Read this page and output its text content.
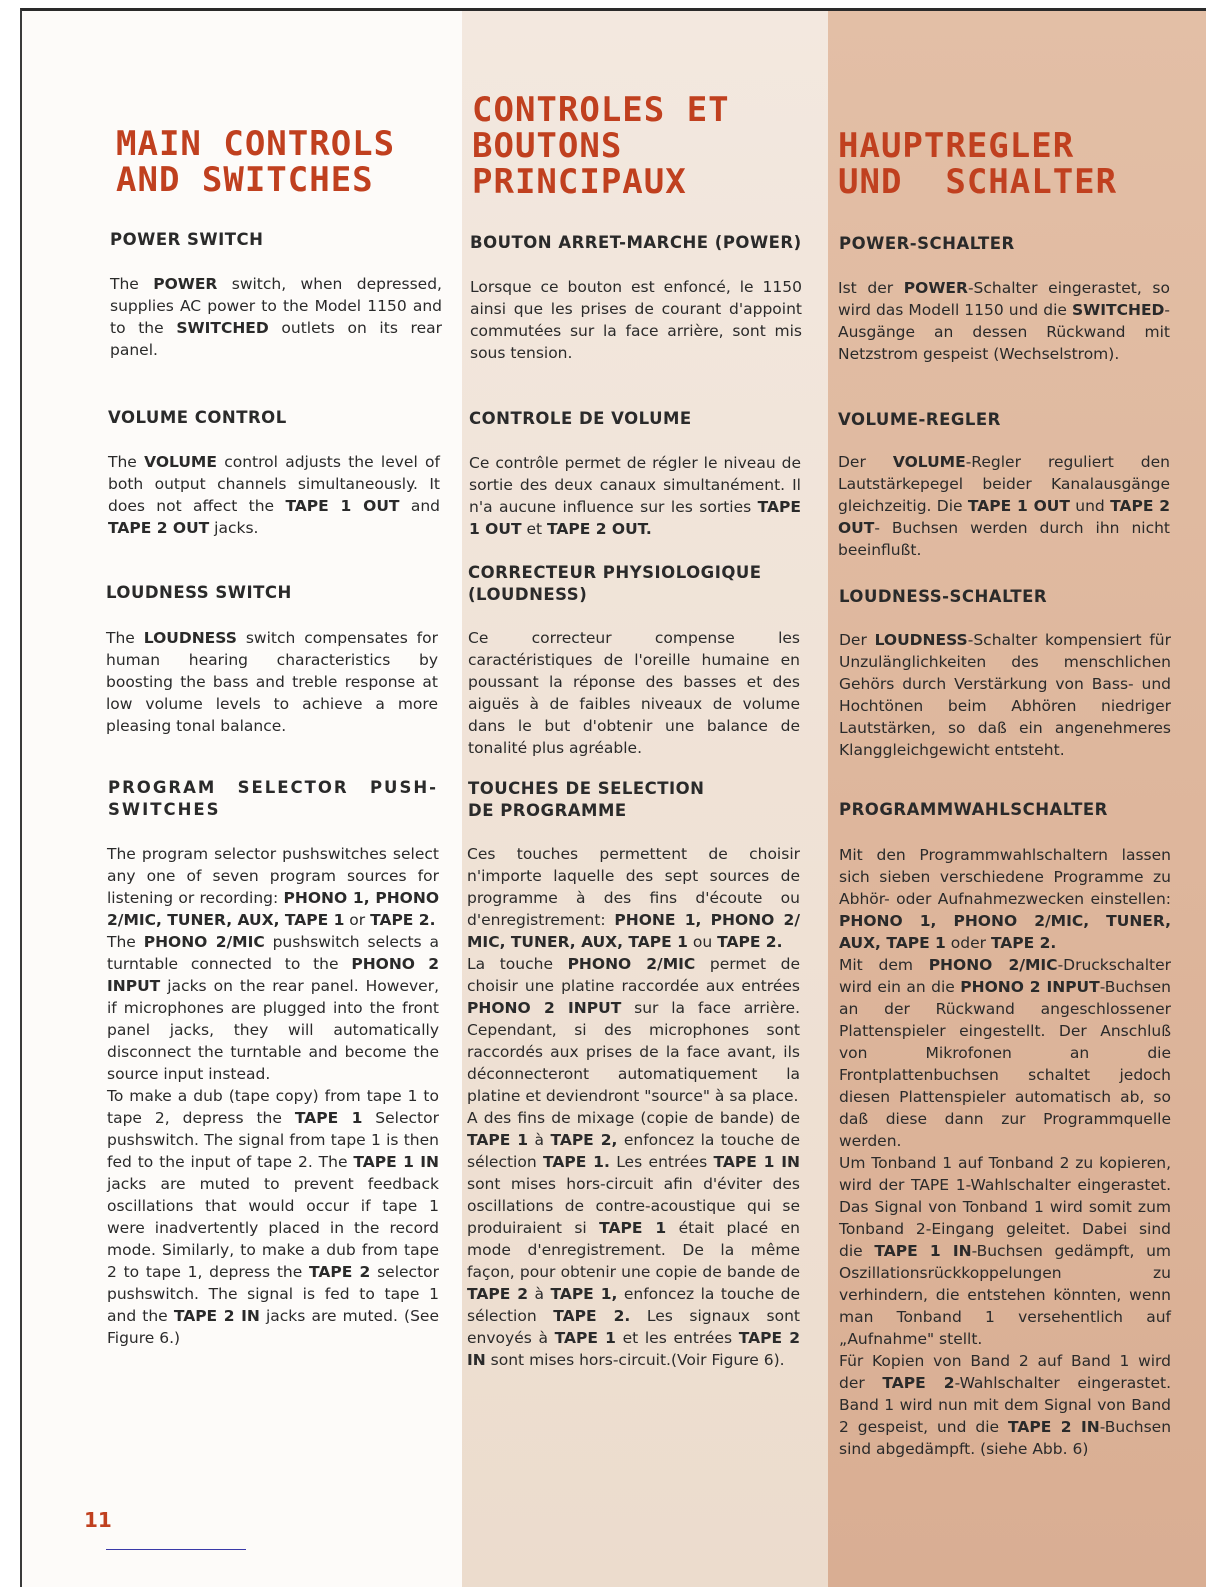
MAIN CONTROLS
AND SWITCHES
POWER SWITCH

The POWER switch, when depressed, supplies AC power to the Model 1150 and to the SWITCHED outlets on its rear panel.

VOLUME CONTROL

The VOLUME control adjusts the level of both output channels simultaneously. It does not affect the TAPE 1 OUT and TAPE 2 OUT jacks.

LOUDNESS SWITCH

The LOUDNESS switch compensates for human hearing characteristics by boosting the bass and treble response at low volume levels to achieve a more pleasing tonal balance.

PROGRAM SELECTOR PUSH-SWITCHES

The program selector pushswitches select any one of seven program sources for listening or recording: PHONO 1, PHONO 2/MIC, TUNER, AUX, TAPE 1 or TAPE 2.
The PHONO 2/MIC pushswitch selects a turntable connected to the PHONO 2 INPUT jacks on the rear panel. However, if microphones are plugged into the front panel jacks, they will automatically disconnect the turntable and become the source input instead.
To make a dub (tape copy) from tape 1 to tape 2, depress the TAPE 1 Selector pushswitch. The signal from tape 1 is then fed to the input of tape 2. The TAPE 1 IN jacks are muted to prevent feedback oscillations that would occur if tape 1 were inadvertently placed in the record mode. Similarly, to make a dub from tape 2 to tape 1, depress the TAPE 2 selector pushswitch. The signal is fed to tape 1 and the TAPE 2 IN jacks are muted. (See Figure 6.)

CONTROLES ET
BOUTONS
PRINCIPAUX
BOUTON ARRET-MARCHE (POWER)

Lorsque ce bouton est enfoncé, le 1150 ainsi que les prises de courant d'appoint commutées sur la face arrière, sont mis sous tension.

CONTROLE DE VOLUME

Ce contrôle permet de régler le niveau de sortie des deux canaux simultanément. Il n'a aucune influence sur les sorties TAPE 1 OUT et TAPE 2 OUT.

CORRECTEUR PHYSIOLOGIQUE
(LOUDNESS)

Ce correcteur compense les caractéristiques de l'oreille humaine en poussant la réponse des basses et des aiguës à de faibles niveaux de volume dans le but d'obtenir une balance de tonalité plus agréable.

TOUCHES DE SELECTION
DE PROGRAMME

Ces touches permettent de choisir n'importe laquelle des sept sources de programme à des fins d'écoute ou d'enregistrement: PHONE 1, PHONO 2/ MIC, TUNER, AUX, TAPE 1 ou TAPE 2.
La touche PHONO 2/MIC permet de choisir une platine raccordée aux entrées PHONO 2 INPUT sur la face arrière. Cependant, si des microphones sont raccordés aux prises de la face avant, ils déconnecteront automatiquement la platine et deviendront "source" à sa place.
A des fins de mixage (copie de bande) de TAPE 1 à TAPE 2, enfoncez la touche de sélection TAPE 1. Les entrées TAPE 1 IN sont mises hors-circuit afin d'éviter des oscillations de contre-acoustique qui se produiraient si TAPE 1 était placé en mode d'enregistrement. De la même façon, pour obtenir une copie de bande de TAPE 2 à TAPE 1, enfoncez la touche de sélection TAPE 2. Les signaux sont envoyés à TAPE 1 et les entrées TAPE 2 IN sont mises hors-circuit.(Voir Figure 6).

HAUPTREGLER
UND  SCHALTER
POWER-SCHALTER

Ist der POWER-Schalter eingerastet, so wird das Modell 1150 und die SWITCHED-Ausgänge an dessen Rückwand mit Netzstrom gespeist (Wechselstrom).

VOLUME-REGLER

Der VOLUME-Regler reguliert den Lautstärkepegel beider Kanalausgänge gleichzeitig. Die TAPE 1 OUT und TAPE 2 OUT- Buchsen werden durch ihn nicht beeinflußt.

LOUDNESS-SCHALTER

Der LOUDNESS-Schalter kompensiert für Unzulänglichkeiten des menschlichen Gehörs durch Verstärkung von Bass- und Hochtönen beim Abhören niedriger Lautstärken, so daß ein angenehmeres Klanggleichgewicht entsteht.

PROGRAMMWAHLSCHALTER

Mit den Programmwahlschaltern lassen sich sieben verschiedene Programme zu Abhör- oder Aufnahmezwecken einstellen: PHONO 1, PHONO 2/MIC, TUNER, AUX, TAPE 1 oder TAPE 2.
Mit dem PHONO 2/MIC-Druckschalter wird ein an die PHONO 2 INPUT-Buchsen an der Rückwand angeschlossener Plattenspieler eingestellt. Der Anschluß von Mikrofonen an die Frontplattenbuchsen schaltet jedoch diesen Plattenspieler automatisch ab, so daß diese dann zur Programmquelle werden.
Um Tonband 1 auf Tonband 2 zu kopieren, wird der TAPE 1-Wahlschalter eingerastet. Das Signal von Tonband 1 wird somit zum Tonband 2-Eingang geleitet. Dabei sind die TAPE 1 IN-Buchsen gedämpft, um Oszillationsrückkoppelungen zu verhindern, die entstehen könnten, wenn man Tonband 1 versehentlich auf „Aufnahme" stellt.
Für Kopien von Band 2 auf Band 1 wird der TAPE 2-Wahlschalter eingerastet. Band 1 wird nun mit dem Signal von Band 2 gespeist, und die TAPE 2 IN-Buchsen sind abgedämpft. (siehe Abb. 6)

11
